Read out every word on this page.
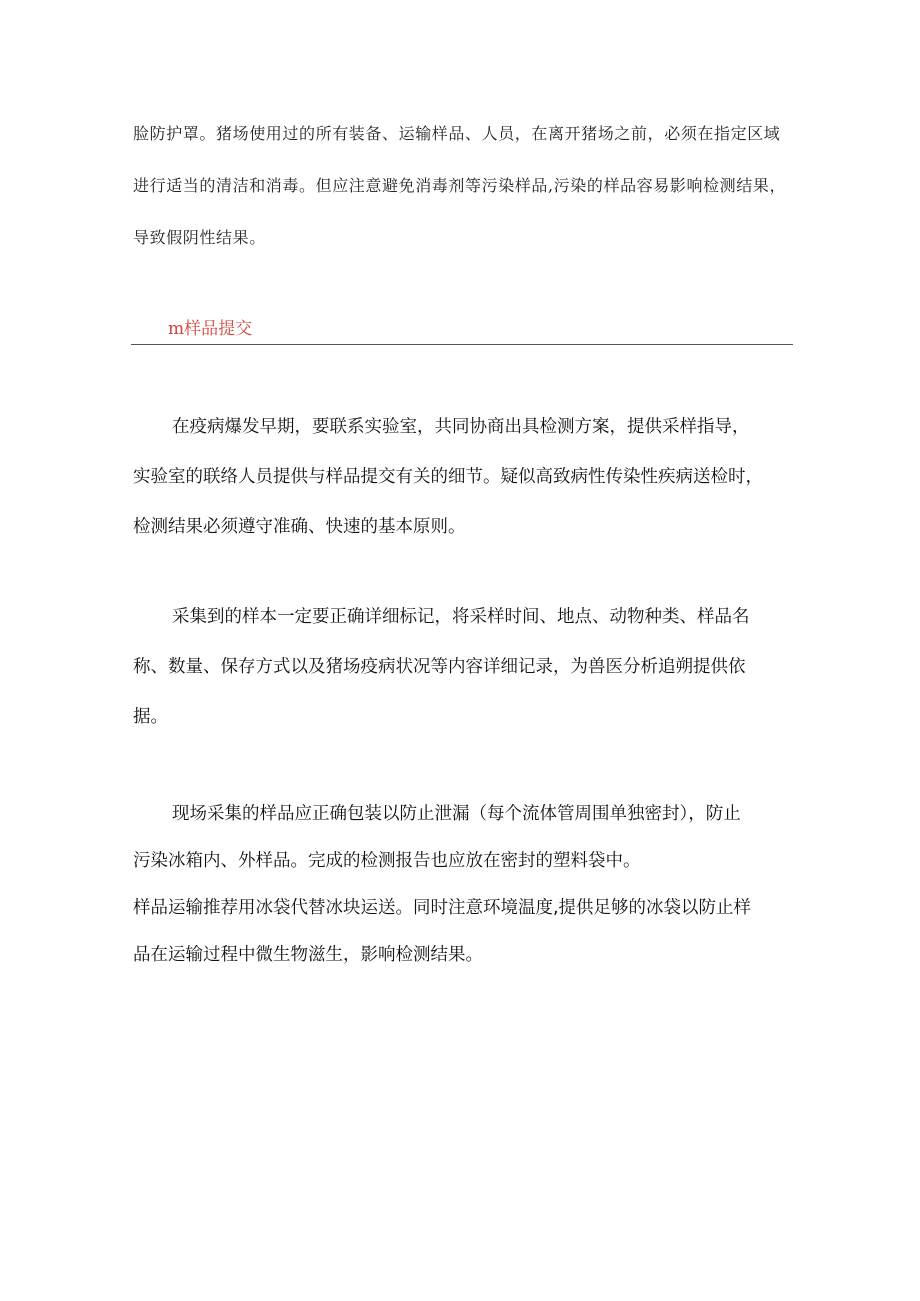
脸防护罩。猪场使用过的所有装备、运输样品、人员，在离开猪场之前，必须在指定区域
进行适当的清洁和消毒。但应注意避免消毒剂等污染样品,污染的样品容易影响检测结果，
导致假阴性结果。
m样品提交
在疫病爆发早期，要联系实验室，共同协商出具检测方案，提供采样指导，
实验室的联络人员提供与样品提交有关的细节。疑似高致病性传染性疾病送检时，
检测结果必须遵守准确、快速的基本原则。
采集到的样本一定要正确详细标记，将采样时间、地点、动物种类、样品名
称、数量、保存方式以及猪场疫病状况等内容详细记录，为兽医分析追朔提供依
据。
现场采集的样品应正确包装以防止泄漏（每个流体管周围单独密封），防止
污染冰箱内、外样品。完成的检测报告也应放在密封的塑料袋中。
样品运输推荐用冰袋代替冰块运送。同时注意环境温度,提供足够的冰袋以防止样
品在运输过程中微生物滋生，影响检测结果。
